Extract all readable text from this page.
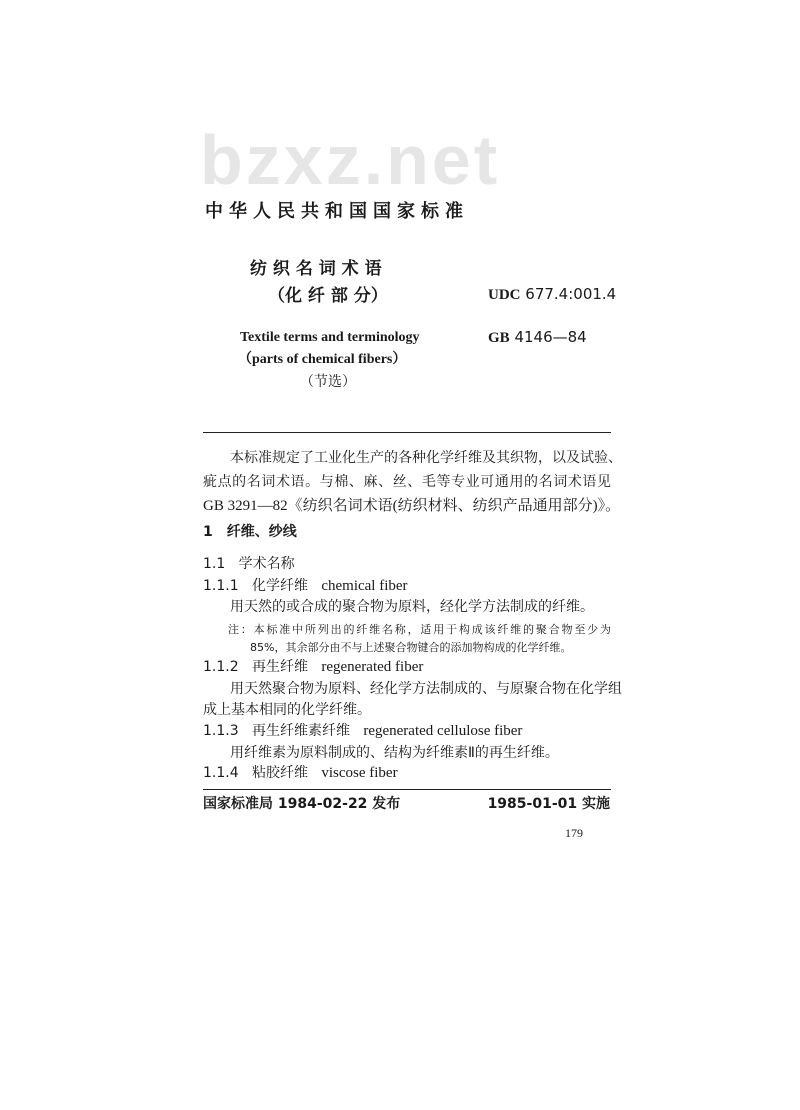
bzxz.net
中华人民共和国国家标准
纺 织 名 词 术 语
（化 纤 部 分）
Textile terms and terminology
（parts of chemical fibers）
（节选）
UDC 677.4:001.4
GB 4146—84
本标准规定了工业化生产的各种化学纤维及其织物，以及试验、
疵点的名词术语。与棉、麻、丝、毛等专业可通用的名词术语见
GB 3291—82《纺织名词术语(纺织材料、纺织产品通用部分)》。
1　纤维、纱线
1.1 学术名称
1.1.1 化学纤维 chemical fiber
用天然的或合成的聚合物为原料，经化学方法制成的纤维。
注：本标准中所列出的纤维名称，适用于构成该纤维的聚合物至少为
85%，其余部分由不与上述聚合物键合的添加物构成的化学纤维。
1.1.2 再生纤维 regenerated fiber
用天然聚合物为原料、经化学方法制成的、与原聚合物在化学组
成上基本相同的化学纤维。
1.1.3 再生纤维素纤维 regenerated cellulose fiber
用纤维素为原料制成的、结构为纤维素Ⅱ的再生纤维。
1.1.4 粘胶纤维 viscose fiber
国家标准局 1984-02-22 发布	1985-01-01 实施
179
